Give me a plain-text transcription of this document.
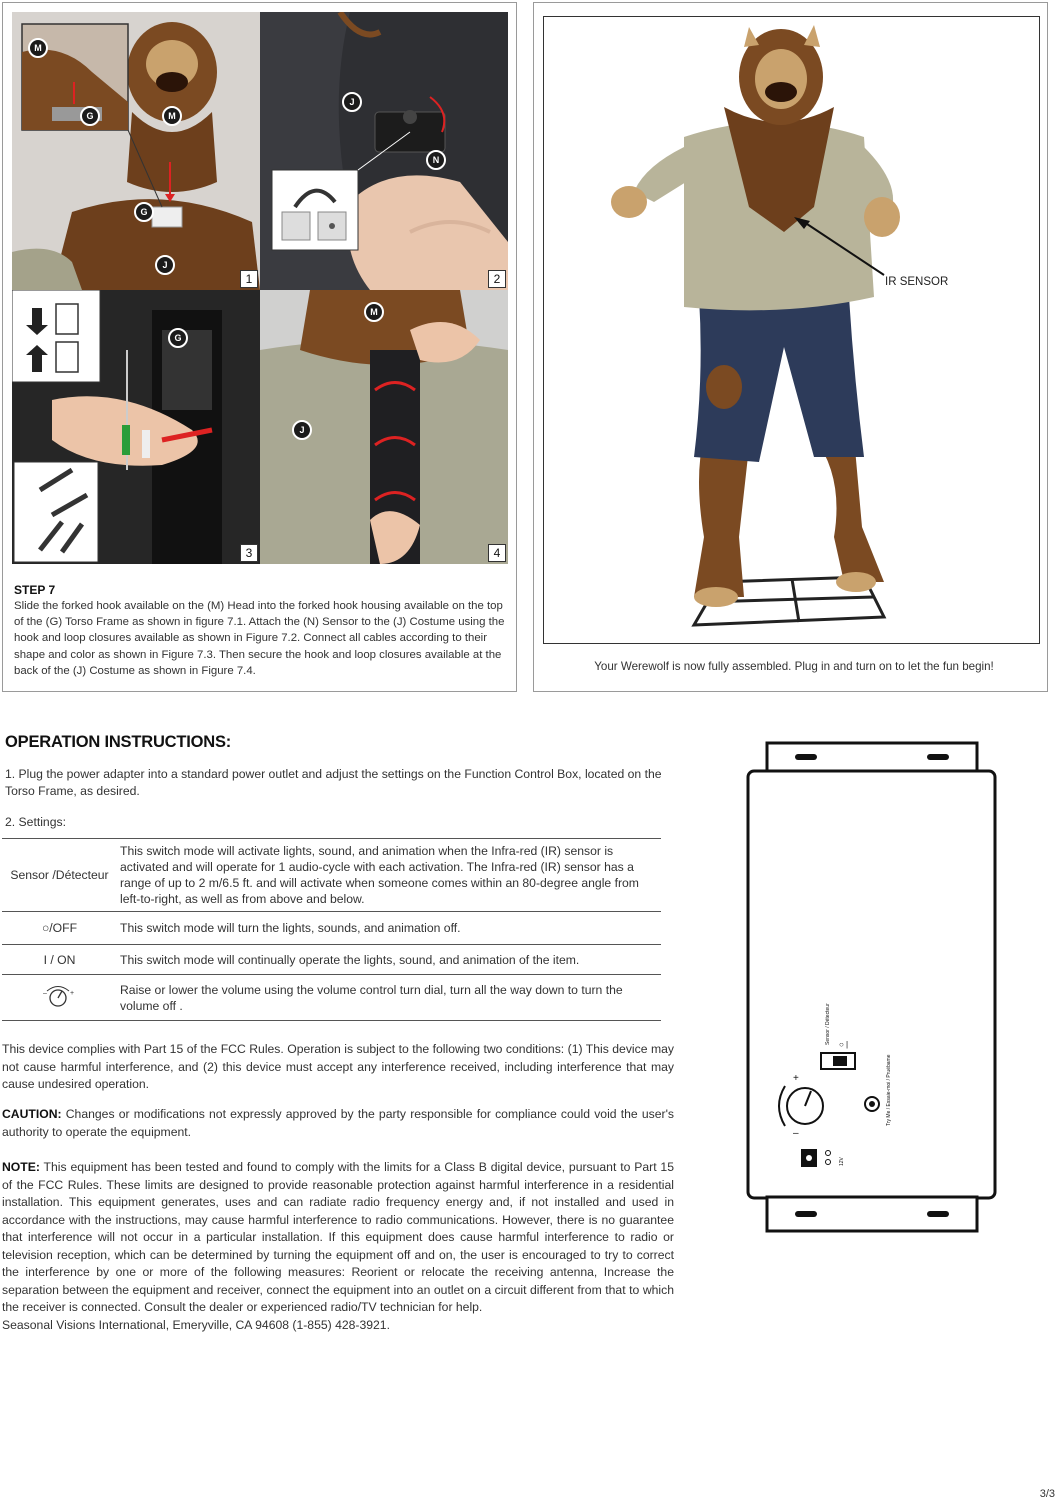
M
G	M
G
J
1
J
N
2
G
3
M
J
4
STEP 7
Slide the forked hook available on the (M) Head into the forked hook housing available on the top of the (G) Torso Frame as shown in figure 7.1. Attach the (N) Sensor to the (J) Costume using the hook and loop closures available as shown in Figure 7.2. Connect all cables according to their shape and color as shown in Figure 7.3. Then secure the hook and loop closures available at the back of the (J) Costume as shown in Figure 7.4.
IR SENSOR
Your Werewolf is now fully assembled. Plug in and turn on to let the fun begin!
OPERATION INSTRUCTIONS:
1. Plug the power adapter into a standard power outlet and adjust the settings on the Function Control Box, located on the Torso Frame, as desired.
2. Settings:
Sensor /Détecteur	This switch mode will activate lights, sound, and animation when the Infra-red (IR) sensor is activated and will operate for 1 audio-cycle with each activation. The Infra-red (IR) sensor has a range of up to 2 m/6.5 ft. and will activate when someone comes within an 80-degree angle from left-to-right, as well as from above and below.
○/OFF	This switch mode will turn the lights, sounds, and animation off.
I / ON	This switch mode will continually operate the lights, sound, and animation of the item.

– +	Raise or lower the volume using the volume control turn dial, turn all the way down to turn the volume off .
This device complies with Part 15 of the FCC Rules. Operation is subject to the following two conditions: (1) This device may not cause harmful interference, and (2) this device must accept any interference received, including interference that may cause undesired operation.
CAUTION: Changes or modifications not expressly approved by the party responsible for compliance could void the user's authority to operate the equipment.
NOTE: This equipment has been tested and found to comply with the limits for a Class B digital device, pursuant to Part 15 of the FCC Rules. These limits are designed to provide reasonable protection against harmful interference in a residential installation. This equipment generates, uses and can radiate radio frequency energy and, if not installed and used in accordance with the instructions, may cause harmful interference to radio communications. However, there is no guarantee that interference will not occur in a particular installation. If this equipment does cause harmful interference to radio or television reception, which can be determined by turning the equipment off and on, the user is encouraged to try to correct the interference by one or more of the following measures: Reorient or relocate the receiving antenna, Increase the separation between the equipment and receiver, connect the equipment into an outlet on a circuit different from that to which the receiver is connected. Consult the dealer or experienced radio/TV technician for help.
Seasonal Visions International, Emeryville, CA 94608 (1-855) 428-3921.
○ |
Sensor / Détecteur
+
–
Try Me / Essaie-moi / Pruébame
12V
3/3
